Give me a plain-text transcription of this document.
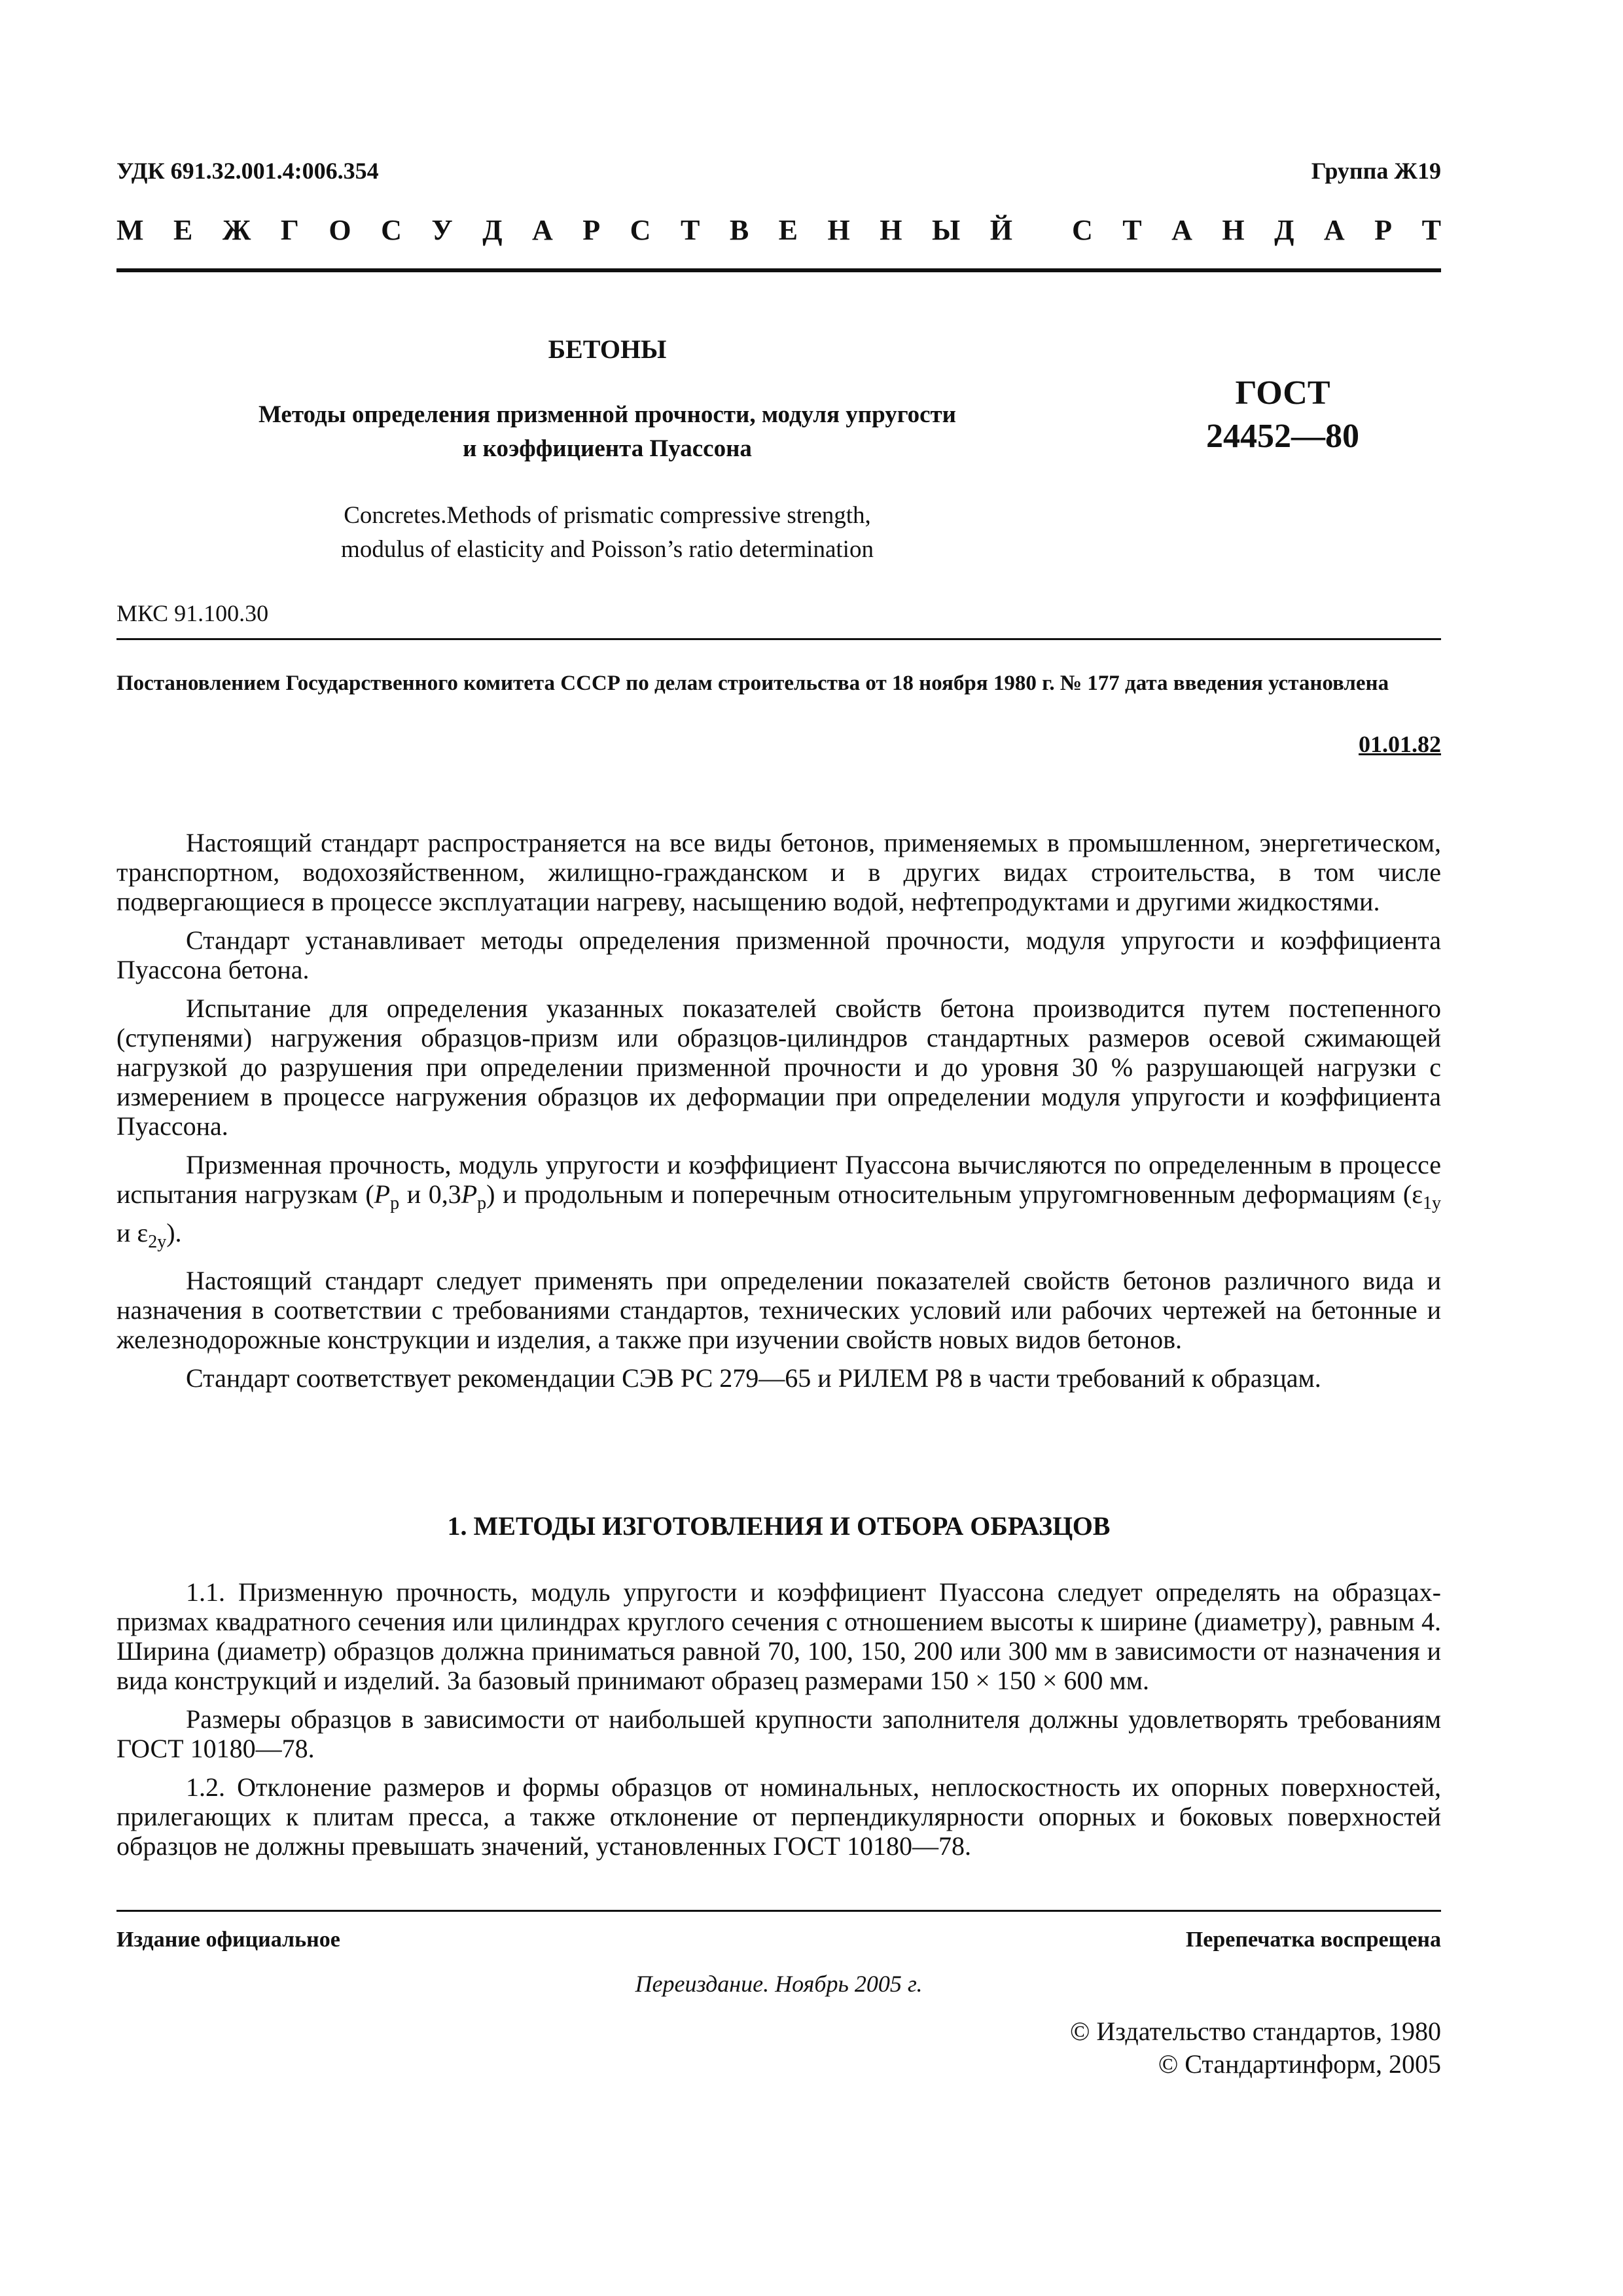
УДК 691.32.001.4:006.354	Группа Ж19
М Е Ж Г О С У Д А Р С Т В Е Н Н Ы Й С Т А Н Д А Р Т
БЕТОНЫ
Методы определения призменной прочности, модуля упругости
и коэффициента Пуассона
ГОСТ
24452—80
Concretes.Methods of prismatic compressive strength,
modulus of elasticity and Poisson’s ratio determination
МКС 91.100.30
Постановлением Государственного комитета СССР по делам строительства от 18 ноября 1980 г. № 177 дата введения установлена
01.01.82

Настоящий стандарт распространяется на все виды бетонов, применяемых в промышленном, энергетическом, транспортном, водохозяйственном, жилищно-гражданском и в других видах строительства, в том числе подвергающиеся в процессе эксплуатации нагреву, насыщению водой, нефтепродуктами и другими жидкостями.

Стандарт устанавливает методы определения призменной прочности, модуля упругости и коэффициента Пуассона бетона.

Испытание для определения указанных показателей свойств бетона производится путем постепенного (ступенями) нагружения образцов-призм или образцов-цилиндров стандартных размеров осевой сжимающей нагрузкой до разрушения при определении призменной прочности и до уровня 30 % разрушающей нагрузки с измерением в процессе нагружения образцов их деформации при определении модуля упругости и коэффициента Пуассона.

Призменная прочность, модуль упругости и коэффициент Пуассона вычисляются по определенным в процессе испытания нагрузкам ($P_p$ и $0,3P_p$) и продольным и поперечным относительным упругомгновенным деформациям ($\varepsilon_{1y}$ и $\varepsilon_{2y}$).

Настоящий стандарт следует применять при определении показателей свойств бетонов различного вида и назначения в соответствии с требованиями стандартов, технических условий или рабочих чертежей на бетонные и железнодорожные конструкции и изделия, а также при изучении свойств новых видов бетонов.

Стандарт соответствует рекомендации СЭВ РС 279—65 и РИЛЕМ Р8 в части требований к образцам.

1. МЕТОДЫ ИЗГОТОВЛЕНИЯ И ОТБОРА ОБРАЗЦОВ

1.1. Призменную прочность, модуль упругости и коэффициент Пуассона следует определять на образцах-призмах квадратного сечения или цилиндрах круглого сечения с отношением высоты к ширине (диаметру), равным 4. Ширина (диаметр) образцов должна приниматься равной 70, 100, 150, 200 или 300 мм в зависимости от назначения и вида конструкций и изделий. За базовый принимают образец размерами 150 × 150 × 600 мм.

Размеры образцов в зависимости от наибольшей крупности заполнителя должны удовлетворять требованиям ГОСТ 10180—78.

1.2. Отклонение размеров и формы образцов от номинальных, неплоскостность их опорных поверхностей, прилегающих к плитам пресса, а также отклонение от перпендикулярности опорных и боковых поверхностей образцов не должны превышать значений, установленных ГОСТ 10180—78.

Издание официальное	Перепечатка воспрещена
Переиздание. Ноябрь 2005 г.
© Издательство стандартов, 1980
© Стандартинформ, 2005
